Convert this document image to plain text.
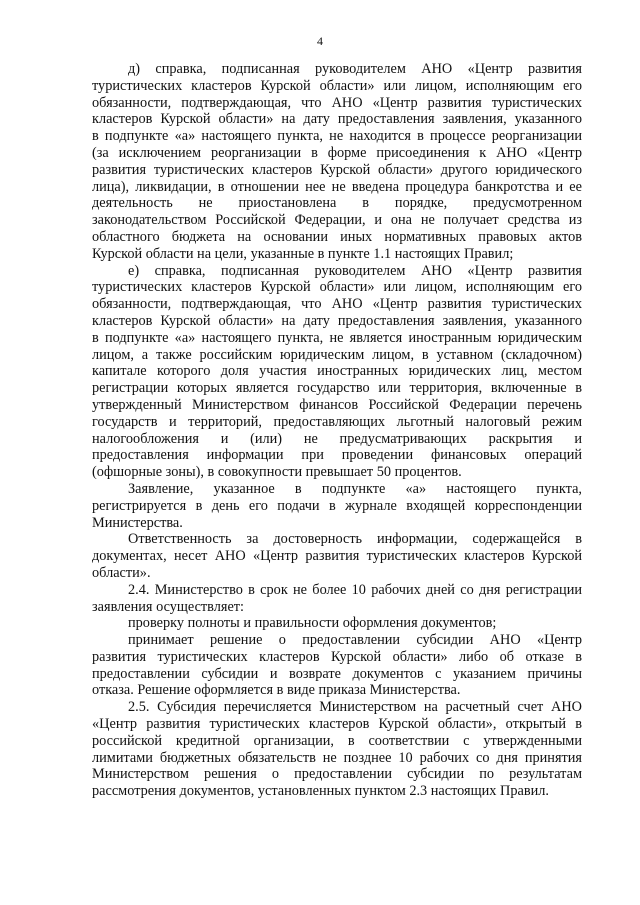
4
д) справка, подписанная руководителем АНО «Центр развития
туристических кластеров Курской области» или лицом, исполняющим его
обязанности, подтверждающая, что АНО «Центр развития туристических
кластеров Курской области» на дату предоставления заявления, указанного
в подпункте «а» настоящего пункта, не находится в процессе реорганизации
(за исключением реорганизации в форме присоединения к АНО «Центр
развития туристических кластеров Курской области» другого юридического
лица), ликвидации, в отношении нее не введена процедура банкротства и ее
деятельность не приостановлена в порядке, предусмотренном
законодательством Российской Федерации, и она не получает средства из
областного бюджета на основании иных нормативных правовых актов
Курской области на цели, указанные в пункте 1.1 настоящих Правил;
е) справка, подписанная руководителем АНО «Центр развития
туристических кластеров Курской области» или лицом, исполняющим его
обязанности, подтверждающая, что АНО «Центр развития туристических
кластеров Курской области» на дату предоставления заявления, указанного
в подпункте «а» настоящего пункта, не является иностранным юридическим
лицом, а также российским юридическим лицом, в уставном (складочном)
капитале которого доля участия иностранных юридических лиц, местом
регистрации которых является государство или территория, включенные в
утвержденный Министерством финансов Российской Федерации перечень
государств и территорий, предоставляющих льготный налоговый режим
налогообложения и (или) не предусматривающих раскрытия и
предоставления информации при проведении финансовых операций
(офшорные зоны), в совокупности превышает 50 процентов.
Заявление, указанное в подпункте «а» настоящего пункта,
регистрируется в день его подачи в журнале входящей корреспонденции
Министерства.
Ответственность за достоверность информации, содержащейся в
документах, несет АНО «Центр развития туристических кластеров Курской
области».
2.4. Министерство в срок не более 10 рабочих дней со дня регистрации
заявления осуществляет:
проверку полноты и правильности оформления документов;
принимает решение о предоставлении субсидии АНО «Центр
развития туристических кластеров Курской области» либо об отказе в
предоставлении субсидии и возврате документов с указанием причины
отказа. Решение оформляется в виде приказа Министерства.
2.5. Субсидия перечисляется Министерством на расчетный счет АНО
«Центр развития туристических кластеров Курской области», открытый в
российской кредитной организации, в соответствии с утвержденными
лимитами бюджетных обязательств не позднее 10 рабочих со дня принятия
Министерством решения о предоставлении субсидии по результатам
рассмотрения документов, установленных пунктом 2.3 настоящих Правил.
